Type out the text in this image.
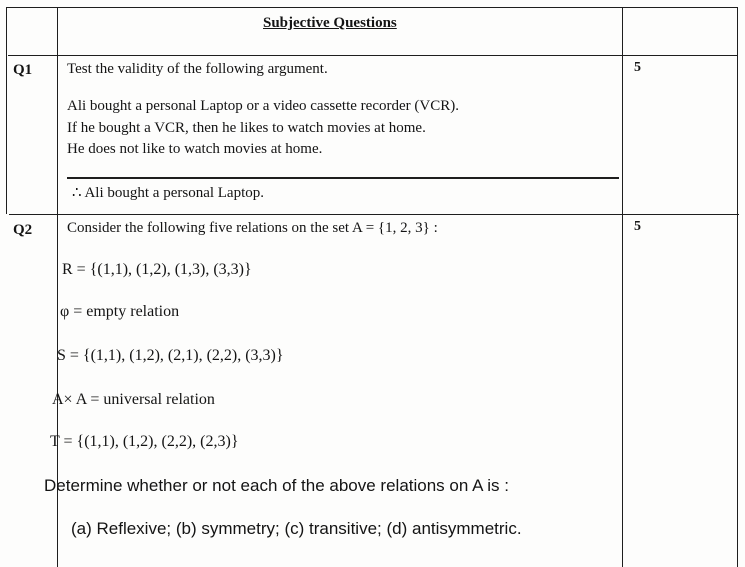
Subjective Questions
Q1	5
Test the validity of the following argument.
Ali bought a personal Laptop or a video cassette recorder (VCR).
If he bought a VCR, then he likes to watch movies at home.
He does not like to watch movies at home.
∴ Ali bought a personal Laptop.
Q2	5
Consider the following five relations on the set A = {1, 2, 3} :
R = {(1,1), (1,2), (1,3), (3,3)}
φ = empty relation
S = {(1,1), (1,2), (2,1), (2,2), (3,3)}
A× A = universal relation
T = {(1,1), (1,2), (2,2), (2,3)}
Determine whether or not each of the above relations on A is :
(a) Reflexive; (b) symmetry; (c) transitive; (d) antisymmetric.
